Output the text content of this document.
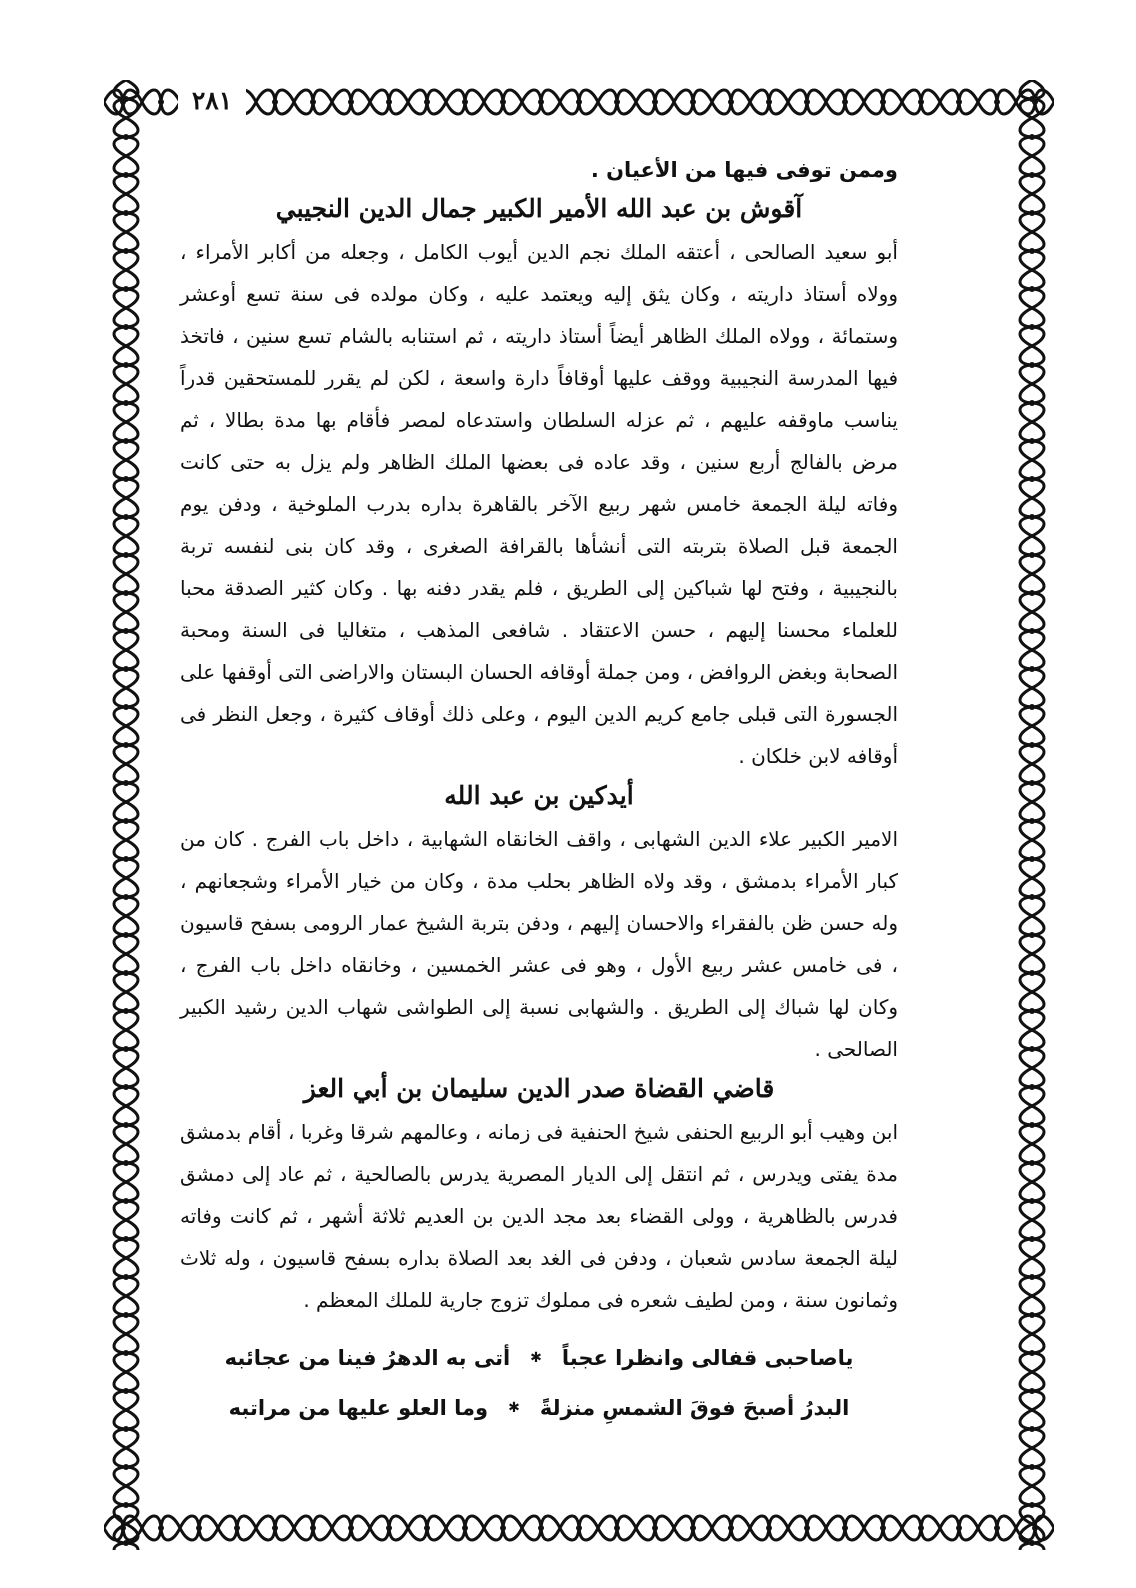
٢٨١

وممن توفى فيها من الأعيان .

آقوش بن عبد الله الأمير الكبير جمال الدين النجيبي

أبو سعيد الصالحى ، أعتقه الملك نجم الدين أيوب الكامل ، وجعله من أكابر الأمراء ، وولاه أستاذ داريته ، وكان يثق إليه ويعتمد عليه ، وكان مولده فى سنة تسع أوعشر وستمائة ، وولاه الملك الظاهر أيضاً أستاذ داريته ، ثم استنابه بالشام تسع سنين ، فاتخذ فيها المدرسة النجيبية ووقف عليها أوقافاً دارة واسعة ، لكن لم يقرر للمستحقين قدراً يناسب ماوقفه عليهم ، ثم عزله السلطان واستدعاه لمصر فأقام بها مدة بطالا ، ثم مرض بالفالج أربع سنين ، وقد عاده فى بعضها الملك الظاهر ولم يزل به حتى كانت وفاته ليلة الجمعة خامس شهر ربيع الآخر بالقاهرة بداره بدرب الملوخية ، ودفن يوم الجمعة قبل الصلاة بتربته التى أنشأها بالقرافة الصغرى ، وقد كان بنى لنفسه تربة بالنجيبية ، وفتح لها شباكين إلى الطريق ، فلم يقدر دفنه بها . وكان كثير الصدقة محبا للعلماء محسنا إليهم ، حسن الاعتقاد . شافعى المذهب ، متغاليا فى السنة ومحبة الصحابة وبغض الروافض ، ومن جملة أوقافه الحسان البستان والاراضى التى أوقفها على الجسورة التى قبلى جامع كريم الدين اليوم ، وعلى ذلك أوقاف كثيرة ، وجعل النظر فى أوقافه لابن خلكان .

أيدكين بن عبد الله

الامير الكبير علاء الدين الشهابى ، واقف الخانقاه الشهابية ، داخل باب الفرج . كان من كبار الأمراء بدمشق ، وقد ولاه الظاهر بحلب مدة ، وكان من خيار الأمراء وشجعانهم ، وله حسن ظن بالفقراء والاحسان إليهم ، ودفن بتربة الشيخ عمار الرومى بسفح قاسيون ، فى خامس عشر ربيع الأول ، وهو فى عشر الخمسين ، وخانقاه داخل باب الفرج ، وكان لها شباك إلى الطريق . والشهابى نسبة إلى الطواشى شهاب الدين رشيد الكبير الصالحى .

قاضي القضاة صدر الدين سليمان بن أبي العز

ابن وهيب أبو الربيع الحنفى شيخ الحنفية فى زمانه ، وعالمهم شرقا وغربا ، أقام بدمشق مدة يفتى ويدرس ، ثم انتقل إلى الديار المصرية يدرس بالصالحية ، ثم عاد إلى دمشق فدرس بالظاهرية ، وولى القضاء بعد مجد الدين بن العديم ثلاثة أشهر ، ثم كانت وفاته ليلة الجمعة سادس شعبان ، ودفن فى الغد بعد الصلاة بداره بسفح قاسيون ، وله ثلاث وثمانون سنة ، ومن لطيف شعره فى مملوك تزوج جارية للملك المعظم .

ياصاحبى قفالى وانظرا عجباً
✱
أتى به الدهرُ فينا من عجائبه
البدرُ أصبحَ فوقَ الشمسِ منزلةً
✱
وما العلو عليها من مراتبه
